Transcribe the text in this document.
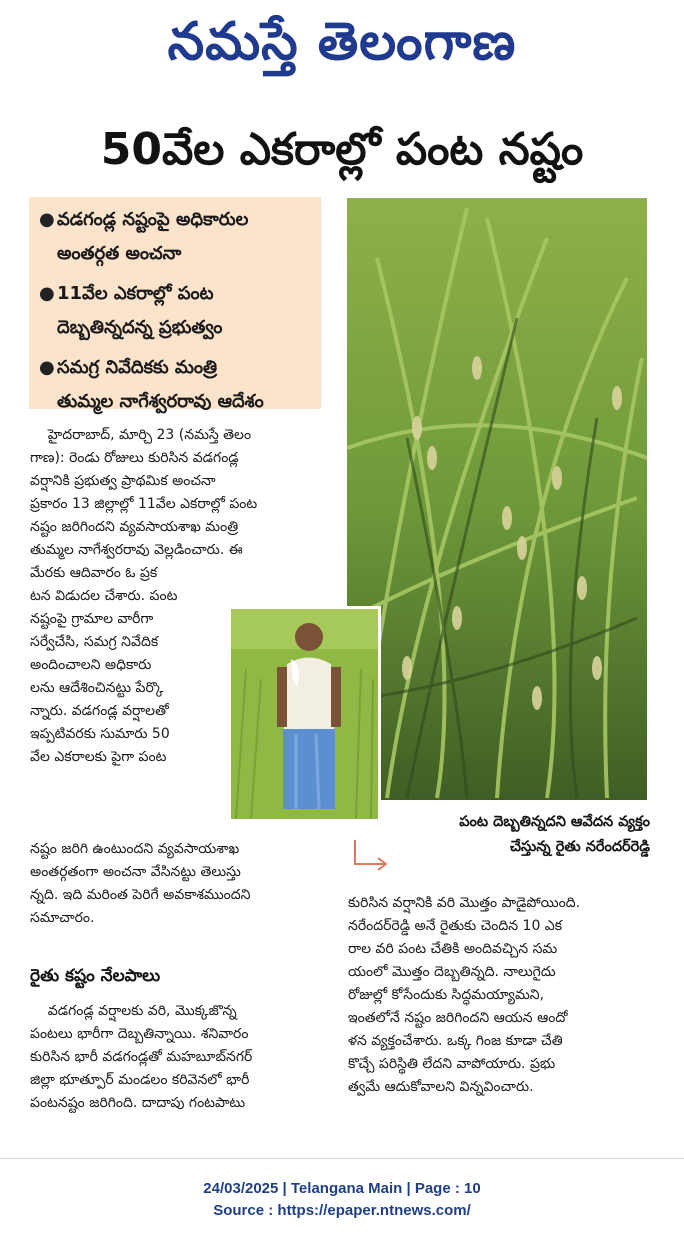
నమస్తే తెలంగాణ
50వేల ఎకరాల్లో పంట నష్టం
● వడగండ్ల నష్టంపై అధికారుల
అంతర్గత అంచనా
● 11వేల ఎకరాల్లో పంట
దెబ్బతిన్నదన్న ప్రభుత్వం
● సమగ్ర నివేదికకు మంత్రి
తుమ్మల నాగేశ్వరరావు ఆదేశం
హైదరాబాద్, మార్చి 23 (నమస్తే తెలం
గాణ): రెండు రోజులు కురిసిన వడగండ్ల
వర్షానికి ప్రభుత్వ ప్రాథమిక అంచనా
ప్రకారం 13 జిల్లాల్లో 11వేల ఎకరాల్లో పంట
నష్టం జరిగిందని వ్యవసాయశాఖ మంత్రి
తుమ్మల నాగేశ్వరరావు వెల్లడించారు. ఈ
మేరకు ఆదివారం ఓ ప్రక
టన విడుదల చేశారు. పంట
నష్టంపై గ్రామాల వారీగా
సర్వేచేసి, సమగ్ర నివేదిక
అందించాలని అధికారు
లను ఆదేశించినట్టు పేర్కొ
న్నారు. వడగండ్ల వర్షాలతో
ఇప్పటివరకు సుమారు 50
వేల ఎకరాలకు పైగా పంట
నష్టం జరిగి ఉంటుందని వ్యవసాయశాఖ
అంతర్గతంగా అంచనా వేసినట్టు తెలుస్తు
న్నది. ఇది మరింత పెరిగే అవకాశముందని
సమాచారం.
రైతు కష్టం నేలపాలు
వడగండ్ల వర్షాలకు వరి, మొక్కజొన్న
పంటలు భారీగా దెబ్బతిన్నాయి. శనివారం
కురిసిన భారీ వడగండ్లతో మహబూబ్‌నగర్
జిల్లా భూత్పూర్ మండలం కరివెనలో భారీ
పంటనష్టం జరిగింది. దాదాపు గంటపాటు
పంట దెబ్బతిన్నదని ఆవేదన వ్యక్తం
చేస్తున్న రైతు నరేందర్‌రెడ్డి
కురిసిన వర్షానికి వరి మొత్తం పాడైపోయింది.
నరేందర్‌రెడ్డి అనే రైతుకు చెందిన 10 ఎక
రాల వరి పంట చేతికి అందివచ్చిన సమ
యంలో మొత్తం దెబ్బతిన్నది. నాలుగైదు
రోజుల్లో కోసేందుకు సిద్ధమయ్యామని,
ఇంతలోనే నష్టం జరిగిందని ఆయన ఆందో
ళన వ్యక్తంచేశారు. ఒక్క గింజ కూడా చేతి
కొచ్చే పరిస్థితి లేదని వాపోయారు. ప్రభు
త్వమే ఆదుకోవాలని విన్నవించారు.
24/03/2025 | Telangana Main | Page : 10
Source : https://epaper.ntnews.com/
